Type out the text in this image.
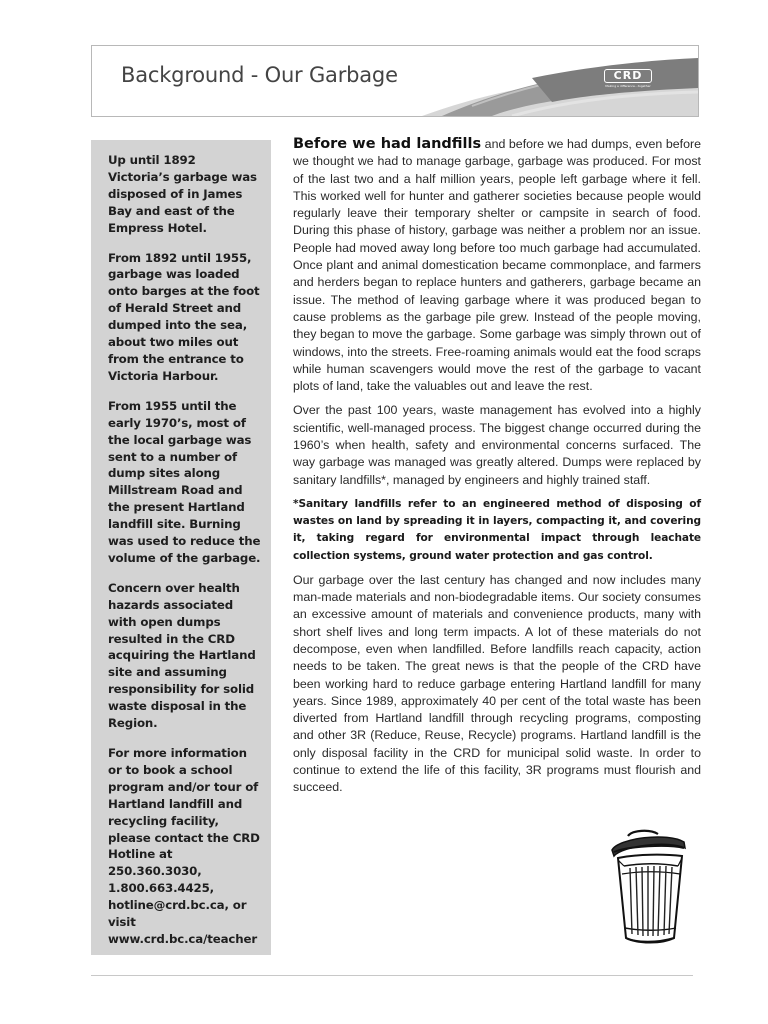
Background - Our Garbage	CRD
Making a difference...together

Up until 1892 Victoria’s garbage was disposed of in James Bay and east of the Empress Hotel.

From 1892 until 1955, garbage was loaded onto barges at the foot of Herald Street and dumped into the sea, about two miles out from the entrance to Victoria Harbour.

From 1955 until the early 1970’s, most of the local garbage was sent to a number of dump sites along Millstream Road and the present Hartland landfill site. Burning was used to reduce the volume of the garbage.

Concern over health hazards associated with open dumps resulted in the CRD acquiring the Hartland site and assuming responsibility for solid waste disposal in the Region.

For more information or to book a school program and/or tour of Hartland landfill and recycling facility, please contact the CRD Hotline at 250.360.3030, 1.800.663.4425, hotline@crd.bc.ca, or visit www.crd.bc.ca/teacher

Before we had landfills and before we had dumps, even before we thought we had to manage garbage, garbage was produced. For most of the last two and a half million years, people left garbage where it fell. This worked well for hunter and gatherer societies because people would regularly leave their temporary shelter or campsite in search of food. During this phase of history, garbage was neither a problem nor an issue. People had moved away long before too much garbage had accumulated. Once plant and animal domestication became commonplace, and farmers and herders began to replace hunters and gatherers, garbage became an issue. The method of leaving garbage where it was produced began to cause problems as the garbage pile grew. Instead of the people moving, they began to move the garbage. Some garbage was simply thrown out of windows, into the streets. Free-roaming animals would eat the food scraps while human scavengers would move the rest of the garbage to vacant plots of land, take the valuables out and leave the rest.

Over the past 100 years, waste management has evolved into a highly scientific, well-managed process. The biggest change occurred during the 1960’s when health, safety and environmental concerns surfaced. The way garbage was managed was greatly altered. Dumps were replaced by sanitary landfills*, managed by engineers and highly trained staff.

*Sanitary landfills refer to an engineered method of disposing of wastes on land by spreading it in layers, compacting it, and covering it, taking regard for environmental impact through leachate collection systems, ground water protection and gas control.

Our garbage over the last century has changed and now includes many man-made materials and non-biodegradable items. Our society consumes an excessive amount of materials and convenience products, many with short shelf lives and long term impacts. A lot of these materials do not decompose, even when landfilled. Before landfills reach capacity, action needs to be taken. The great news is that the people of the CRD have been working hard to reduce garbage entering Hartland landfill for many years. Since 1989, approximately 40 per cent of the total waste has been diverted from Hartland landfill through recycling programs, composting and other 3R (Reduce, Reuse, Recycle) programs. Hartland landfill is the only disposal facility in the CRD for municipal solid waste. In order to continue to extend the life of this facility, 3R programs must flourish and succeed.
